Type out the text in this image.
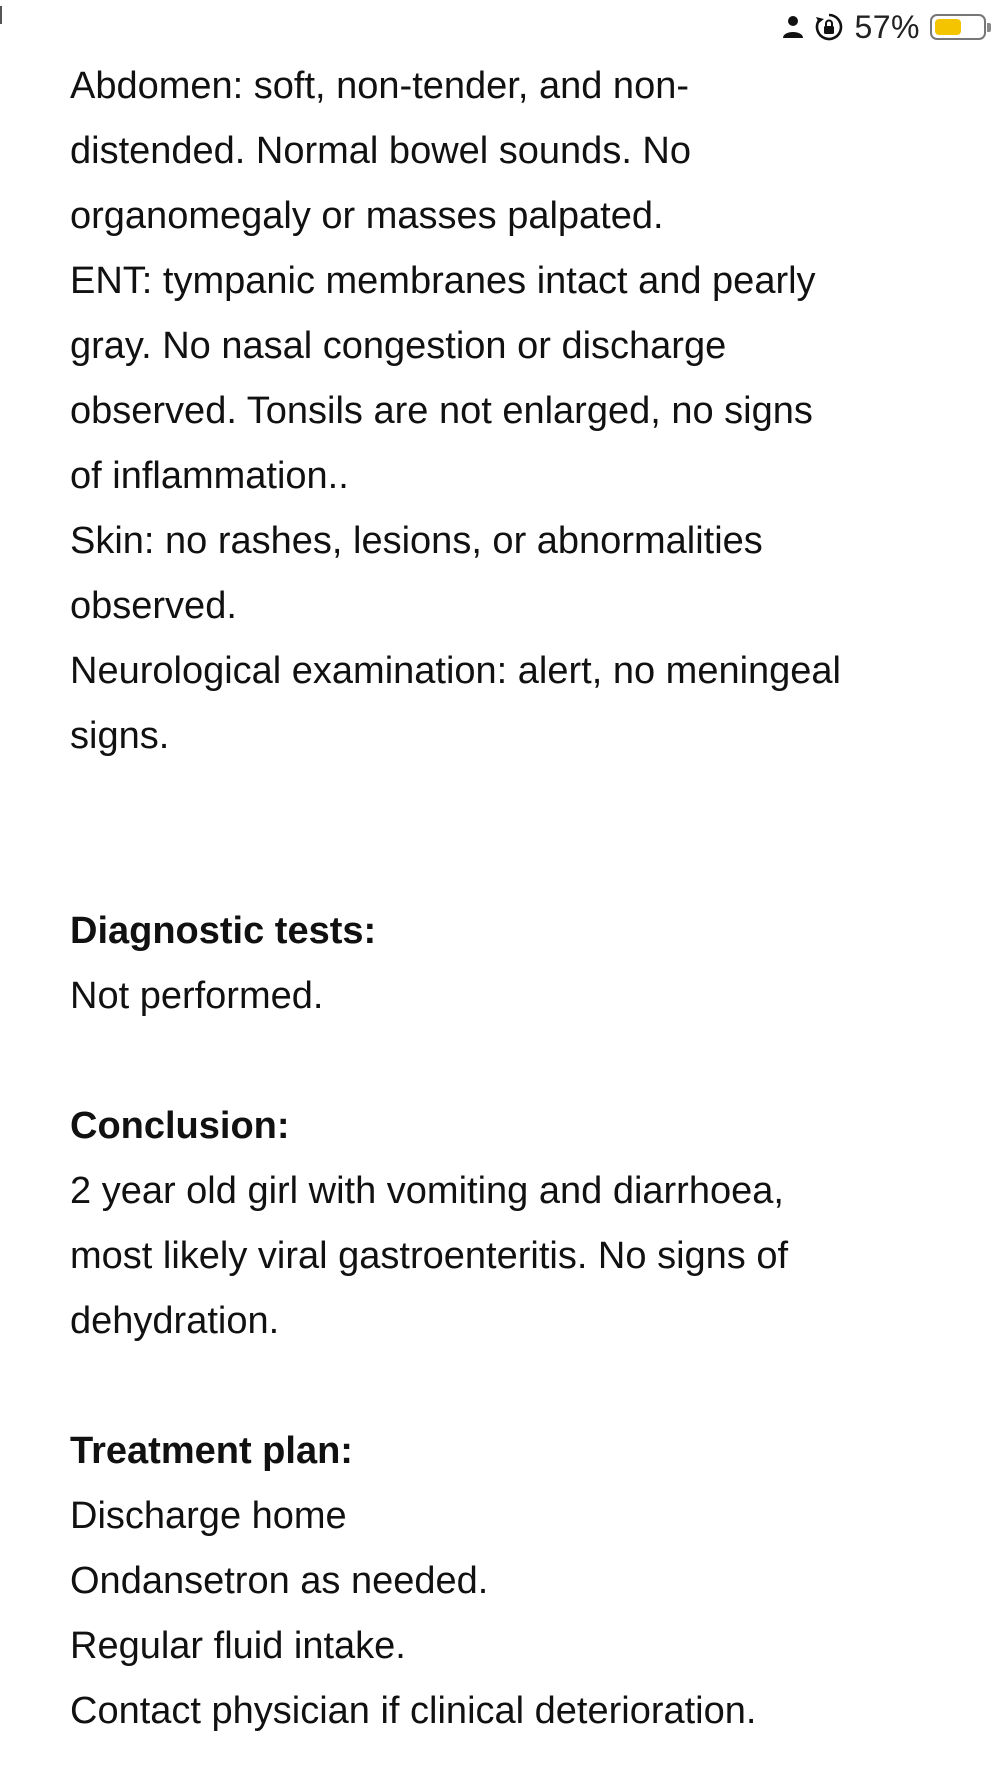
57%

Abdomen: soft, non-tender, and non-

distended. Normal bowel sounds. No

organomegaly or masses palpated.

ENT: tympanic membranes intact and pearly

gray. No nasal congestion or discharge

observed. Tonsils are not enlarged, no signs

of inflammation..

Skin: no rashes, lesions, or abnormalities

observed.

Neurological examination: alert, no meningeal

signs.

Diagnostic tests:

Not performed.

Conclusion:

2 year old girl with vomiting and diarrhoea,

most likely viral gastroenteritis. No signs of

dehydration.

Treatment plan:

Discharge home

Ondansetron as needed.

Regular fluid intake.

Contact physician if clinical deterioration.
